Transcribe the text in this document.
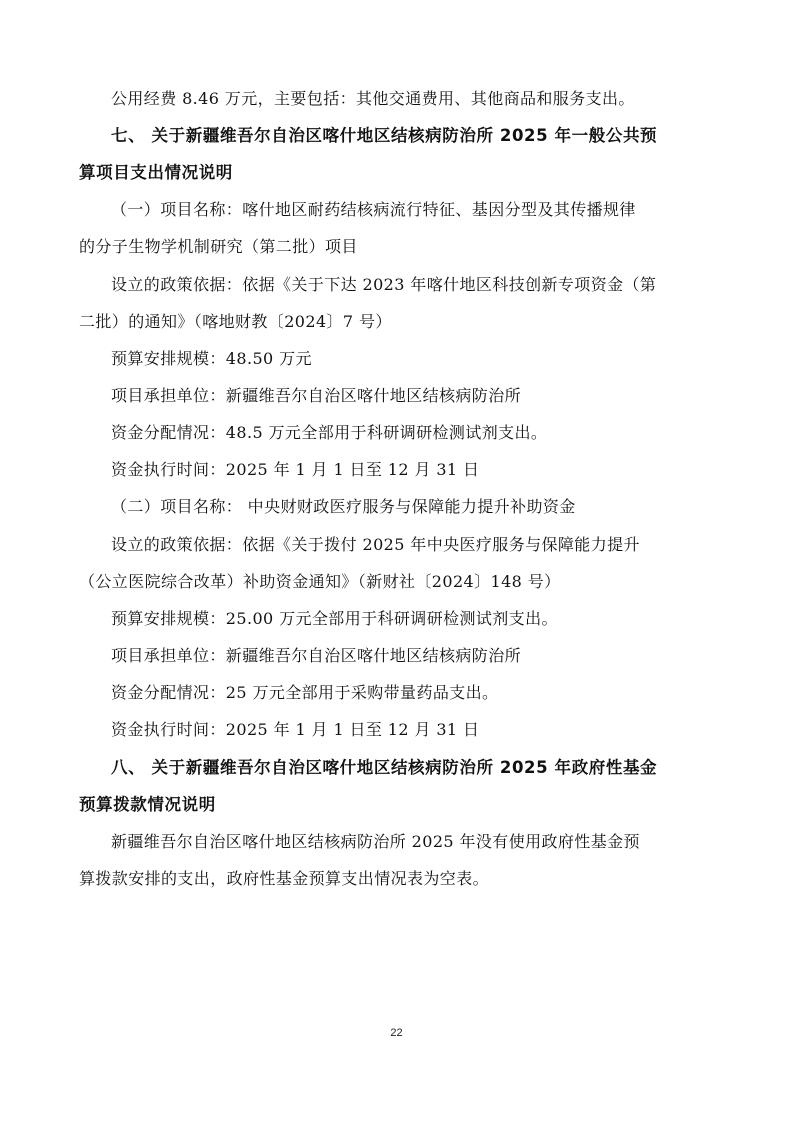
公用经费 8.46 万元，主要包括：其他交通费用、其他商品和服务支出。
七、 关于新疆维吾尔自治区喀什地区结核病防治所 2025 年一般公共预
算项目支出情况说明
（一）项目名称：喀什地区耐药结核病流行特征、基因分型及其传播规律
的分子生物学机制研究（第二批）项目
设立的政策依据：依据《关于下达 2023 年喀什地区科技创新专项资金（第
二批）的通知》（喀地财教〔2024〕7 号）
预算安排规模：48.50 万元
项目承担单位：新疆维吾尔自治区喀什地区结核病防治所
资金分配情况：48.5 万元全部用于科研调研检测试剂支出。
资金执行时间：2025 年 1 月 1 日至 12 月 31 日
（二）项目名称： 中央财财政医疗服务与保障能力提升补助资金
设立的政策依据：依据《关于拨付 2025 年中央医疗服务与保障能力提升
（公立医院综合改革）补助资金通知》（新财社〔2024〕148 号）
预算安排规模：25.00 万元全部用于科研调研检测试剂支出。
项目承担单位：新疆维吾尔自治区喀什地区结核病防治所
资金分配情况：25 万元全部用于采购带量药品支出。
资金执行时间：2025 年 1 月 1 日至 12 月 31 日
八、 关于新疆维吾尔自治区喀什地区结核病防治所 2025 年政府性基金
预算拨款情况说明
新疆维吾尔自治区喀什地区结核病防治所 2025 年没有使用政府性基金预
算拨款安排的支出，政府性基金预算支出情况表为空表。
22
